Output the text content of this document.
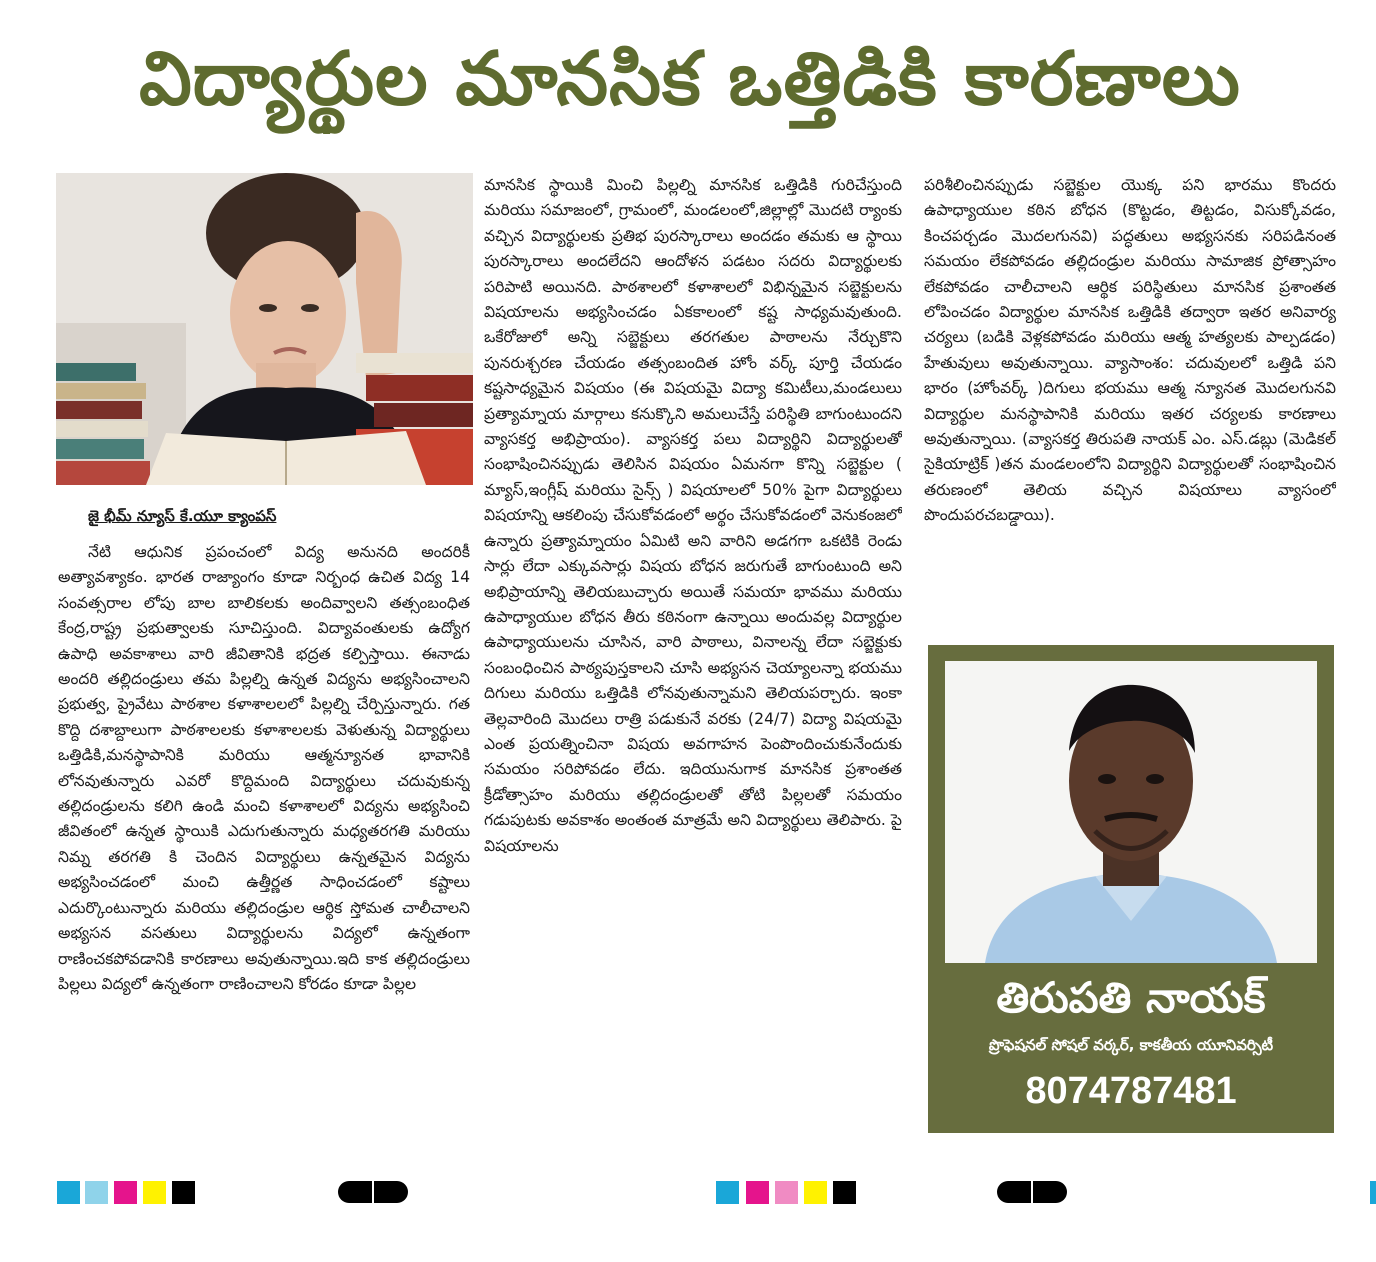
విద్యార్థుల మానసిక ఒత్తిడికి కారణాలు
జై భీమ్ న్యూస్ కే.యూ క్యాంపస్
నేటి ఆధునిక ప్రపంచంలో విద్య అనునది అందరికీ అత్యావశ్యాకం. భారత రాజ్యాంగం కూడా నిర్బంధ ఉచిత విద్య 14 సంవత్సరాల లోపు బాల బాలికలకు అందివ్వాలని తత్సంబంధిత కేంద్ర,రాష్ట్ర ప్రభుత్వాలకు సూచిస్తుంది. విద్యావంతులకు ఉద్యోగ ఉపాధి అవకాశాలు వారి జీవితానికి భద్రత కల్పిస్తాయి. ఈనాడు అందరి తల్లిదండ్రులు తమ పిల్లల్ని ఉన్నత విద్యను అభ్యసించాలని ప్రభుత్వ, ప్రైవేటు పాఠశాల కళాశాలలలో పిల్లల్ని చేర్పిస్తున్నారు. గత కొద్ది దశాబ్దాలుగా పాఠశాలలకు కళాశాలలకు వెళుతున్న విద్యార్థులు ఒత్తిడికి,మనస్థాపానికి మరియు ఆత్మన్యూనత భావానికి లోనవుతున్నారు ఎవరో కొద్దిమంది విద్యార్థులు చదువుకున్న తల్లిదండ్రులను కలిగి ఉండి మంచి కళాశాలలో విద్యను అభ్యసించి జీవితంలో ఉన్నత స్థాయికి ఎదుగుతున్నారు మధ్యతరగతి మరియు నిమ్న తరగతి కి చెందిన విద్యార్థులు ఉన్నతమైన విద్యను అభ్యసించడంలో మంచి ఉత్తీర్ణత సాధించడంలో కష్టాలు ఎదుర్కొంటున్నారు మరియు తల్లిదండ్రుల ఆర్థిక స్తోమత చాలీచాలని అభ్యసన వసతులు విద్యార్థులను విద్యలో ఉన్నతంగా రాణించకపోవడానికి కారణాలు అవుతున్నాయి.ఇది కాక తల్లిదండ్రులు పిల్లలు విద్యలో ఉన్నతంగా రాణించాలని కోరడం కూడా పిల్లల
మానసిక స్థాయికి మించి పిల్లల్ని మానసిక ఒత్తిడికి గురిచేస్తుంది మరియు సమాజంలో, గ్రామంలో, మండలంలో,జిల్లాల్లో మొదటి ర్యాంకు వచ్చిన విద్యార్థులకు ప్రతిభ పురస్కారాలు అందడం తమకు ఆ స్థాయి పురస్కారాలు అందలేదని ఆందోళన పడటం సదరు విద్యార్థులకు పరిపాటి అయినది. పాఠశాలలో కళాశాలలో విభిన్నమైన సబ్జెక్టులను విషయాలను అభ్యసించడం ఏకకాలంలో కష్ట సాధ్యమవుతుంది. ఒకేరోజులో అన్ని సబ్జెక్టులు తరగతుల పాఠాలను నేర్చుకొని పునరుశ్చరణ చేయడం తత్సంబందిత హోం వర్క్ పూర్తి చేయడం కష్టసాధ్యమైన విషయం (ఈ విషయమై విద్యా కమిటీలు,మండలులు ప్రత్యామ్నాయ మార్గాలు కనుక్కొని అమలుచేస్తే పరిస్థితి బాగుంటుందని వ్యాసకర్త అభిప్రాయం). వ్యాసకర్త పలు విద్యార్థిని విద్యార్థులతో సంభాషించినప్పుడు తెలిసిన విషయం ఏమనగా కొన్ని సబ్జెక్టుల ( మ్యాస్,ఇంగ్లీష్ మరియు సైన్స్ ) విషయాలలో 50% పైగా విద్యార్థులు విషయాన్ని ఆకలింపు చేసుకోవడంలో అర్థం చేసుకోవడంలో వెనుకంజలో ఉన్నారు ప్రత్యామ్నాయం ఏమిటి అని వారిని అడగగా ఒకటికి రెండు సార్లు లేదా ఎక్కువసార్లు విషయ బోధన జరుగుతే బాగుంటుంది అని అభిప్రాయాన్ని తెలియబుచ్చారు అయితే సమయా భావము మరియు ఉపాధ్యాయుల బోధన తీరు కఠినంగా ఉన్నాయి అందువల్ల విద్యార్థుల ఉపాధ్యాయులను చూసిన, వారి పాఠాలు, వినాలన్న లేదా సబ్జెక్టుకు సంబంధించిన పాఠ్యపుస్తకాలని చూసి అభ్యసన చెయ్యాలన్నా భయము దిగులు మరియు ఒత్తిడికి లోనవుతున్నామని తెలియపర్చారు. ఇంకా తెల్లవారింది మొదలు రాత్రి పడుకునే వరకు (24/7) విద్యా విషయమై ఎంత ప్రయత్నించినా విషయ అవగాహన పెంపొందించుకునేందుకు సమయం సరిపోవడం లేదు. ఇదియునుగాక మానసిక ప్రశాంతత క్రీడోత్సాహం మరియు తల్లిదండ్రులతో తోటి పిల్లలతో సమయం గడుపుటకు అవకాశం అంతంత మాత్రమే అని విద్యార్థులు తెలిపారు. పై విషయాలను
పరిశీలించినప్పుడు సబ్జెక్టుల యొక్క పని భారము కొందరు ఉపాధ్యాయుల కఠిన బోధన (కొట్టడం, తిట్టడం, విసుక్కోవడం, కించపర్చడం మొదలగునవి) పద్ధతులు అభ్యసనకు సరిపడినంత సమయం లేకపోవడం తల్లిదండ్రుల మరియు సామాజిక ప్రోత్సాహం లేకపోవడం చాలీచాలని ఆర్థిక పరిస్థితులు మానసిక ప్రశాంతత లోపించడం విద్యార్థుల మానసిక ఒత్తిడికి తద్వారా ఇతర అనివార్య చర్యలు (బడికి వెళ్లకపోవడం మరియు ఆత్మ హత్యలకు పాల్పడడం) హేతువులు అవుతున్నాయి. వ్యాసాంశం: చదువులలో ఒత్తిడి పని భారం (హోంవర్క్ )దిగులు భయము ఆత్మ న్యూనత మొదలగునవి విద్యార్థుల మనస్థాపానికి మరియు ఇతర చర్యలకు కారణాలు అవుతున్నాయి. (వ్యాసకర్త తిరుపతి నాయక్ ఎం. ఎస్.డబ్లు (మెడికల్ సైకియాట్రిక్ )తన మండలంలోని విద్యార్థిని విద్యార్థులతో సంభాషించిన తరుణంలో తెలియ వచ్చిన విషయాలు వ్యాసంలో పొందుపరచబడ్డాయి).
తిరుపతి నాయక్
ప్రొఫెషనల్ సోషల్ వర్కర్, కాకతీయ యూనివర్సిటీ
8074787481
